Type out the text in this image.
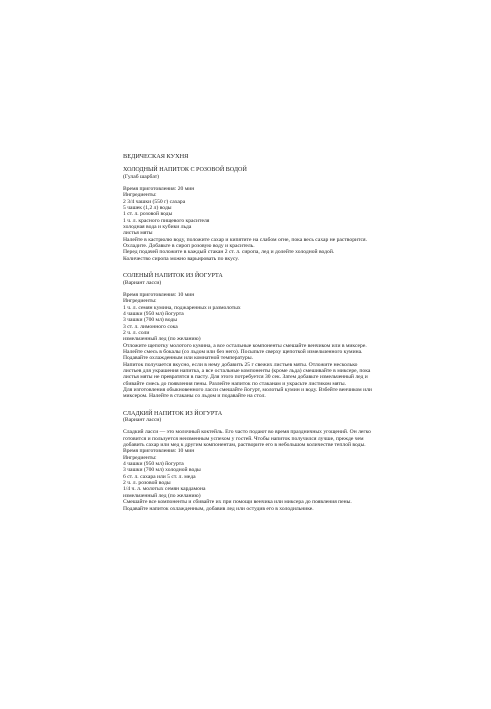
ВЕДИЧЕСКАЯ КУХНЯ
ХОЛОДНЫЙ НАПИТОК С РОЗОВОЙ ВОДОЙ
(Гулаб шарбат)
Время приготовления: 20 мин
Ингредиенты:
2 3/4 чашки (550 г) сахара
5 чашек (1,2 л) воды
1 ст. л. розовой воды
1 ч. л. красного пищевого красителя
холодная вода и кубики льда
листья мяты
Налейте в кастрюлю воду, положите сахар и кипятите на слабом огне, пока весь сахар не растворится. Охладите. Добавьте в сироп розовую воду и краситель.
Перед подачей положите в каждый стакан 2 ст. л. сиропа, лед и долейте холодной водой.
Количество сиропа можно варьировать по вкусу.
СОЛЕНЫЙ НАПИТОК ИЗ ЙОГУРТА
(Вариант ласси)
Время приготовления: 10 мин
Ингредиенты:
1 ч. л. семян кумина, поджаренных и размолотых
4 чашки (950 мл) йогурта
3 чашки (700 мл) воды
3 ст. л. лимонного сока
2 ч. л. соли
измельченный лед (по желанию)
Отложите щепотку молотого кумина, а все остальные компоненты смешайте венчиком или в миксере. Налейте смесь в бокалы (со льдом или без него). Посыпьте сверху щепоткой измельченного кумина. Подавайте охлажденным или комнатной температуры.
Напиток получается вкусно, если в нему добавить 25 г свежих листьев мяты. Отложите несколько листьев для украшения напитка, а все остальные компоненты (кроме льда) смешивайте в миксере, пока листья мяты не превратятся в пасту. Для этого потребуется 30 сек. Затем добавьте измельченный лед и сбивайте смесь до появления пены. Разлейте напиток по стаканам и украсьте листиком мяты.
Для изготовления обыкновенного ласси смешайте йогурт, молотый кумин и воду. Взбейте венчиком или миксером. Налейте в стаканы со льдом и подавайте на стол.
СЛАДКИЙ НАПИТОК ИЗ ЙОГУРТА
(Вариант ласси)
Сладкий ласси — это молочный коктейль. Его часто подают во время праздничных угощений. Он легко готовится и пользуется неизменным успехом у гостей. Чтобы напиток получился лучше, прежде чем добавить сахар или мед к другим компонентам, растворите его в небольшом количестве теплой воды.
Время приготовления: 10 мин
Ингредиенты:
4 чашки (950 мл) йогурта
3 чашки (700 мл) холодной воды
6 ст. л. сахара или 5 ст. л. меда
2 ч. л. розовой воды
1/4 ч. л. молотых семян кардамона
измельченный лед (по желанию)
Смешайте все компоненты и сбивайте их при помощи венчика или миксера до появления пены. Подавайте напиток охлажденным, добавив лед или остудив его в холодильнике.
